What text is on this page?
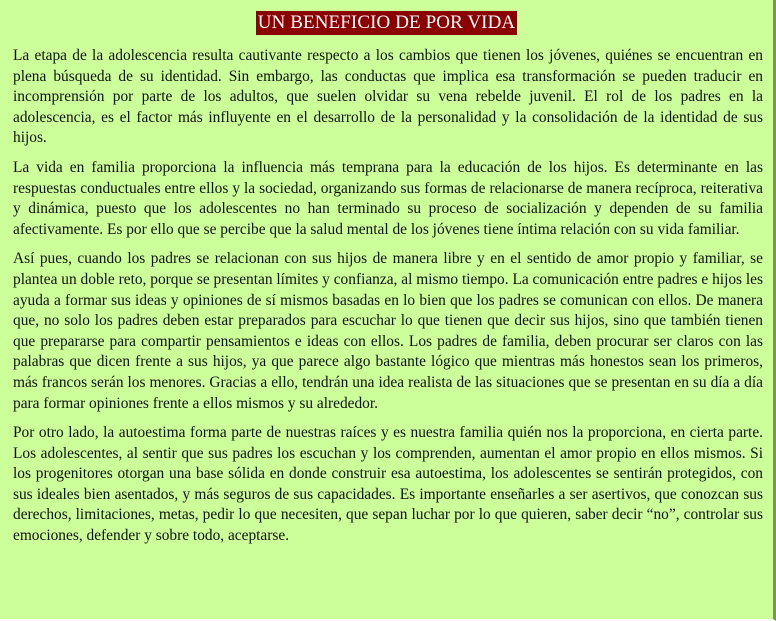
UN BENEFICIO DE POR VIDA

La etapa de la adolescencia resulta cautivante respecto a los cambios que tienen los jóvenes, quiénes se encuentran en plena búsqueda de su identidad. Sin embargo, las conductas que implica esa transformación se pueden traducir en incomprensión por parte de los adultos, que suelen olvidar su vena rebelde juvenil. El rol de los padres en la adolescencia, es el factor más influyente en el desarrollo de la personalidad y la consolidación de la identidad de sus hijos.

La vida en familia proporciona la influencia más temprana para la educación de los hijos. Es determinante en las respuestas conductuales entre ellos y la sociedad, organizando sus formas de relacionarse de manera recíproca, reiterativa y dinámica, puesto que los adolescentes no han terminado su proceso de socialización y dependen de su familia afectivamente. Es por ello que se percibe que la salud mental de los jóvenes tiene íntima relación con su vida familiar.

Así pues, cuando los padres se relacionan con sus hijos de manera libre y en el sentido de amor propio y familiar, se plantea un doble reto, porque se presentan límites y confianza, al mismo tiempo. La comunicación entre padres e hijos les ayuda a formar sus ideas y opiniones de sí mismos basadas en lo bien que los padres se comunican con ellos. De manera que, no solo los padres deben estar preparados para escuchar lo que tienen que decir sus hijos, sino que también tienen que prepararse para compartir pensamientos e ideas con ellos. Los padres de familia, deben procurar ser claros con las palabras que dicen frente a sus hijos, ya que parece algo bastante lógico que mientras más honestos sean los primeros, más francos serán los menores. Gracias a ello, tendrán una idea realista de las situaciones que se presentan en su día a día para formar opiniones frente a ellos mismos y su alrededor.

Por otro lado, la autoestima forma parte de nuestras raíces y es nuestra familia quién nos la proporciona, en cierta parte. Los adolescentes, al sentir que sus padres los escuchan y los comprenden, aumentan el amor propio en ellos mismos. Si los progenitores otorgan una base sólida en donde construir esa autoestima, los adolescentes se sentirán protegidos, con sus ideales bien asentados, y más seguros de sus capacidades. Es importante enseñarles a ser asertivos, que conozcan sus derechos, limitaciones, metas, pedir lo que necesiten, que sepan luchar por lo que quieren, saber decir “no”, controlar sus emociones, defender y sobre todo, aceptarse.
